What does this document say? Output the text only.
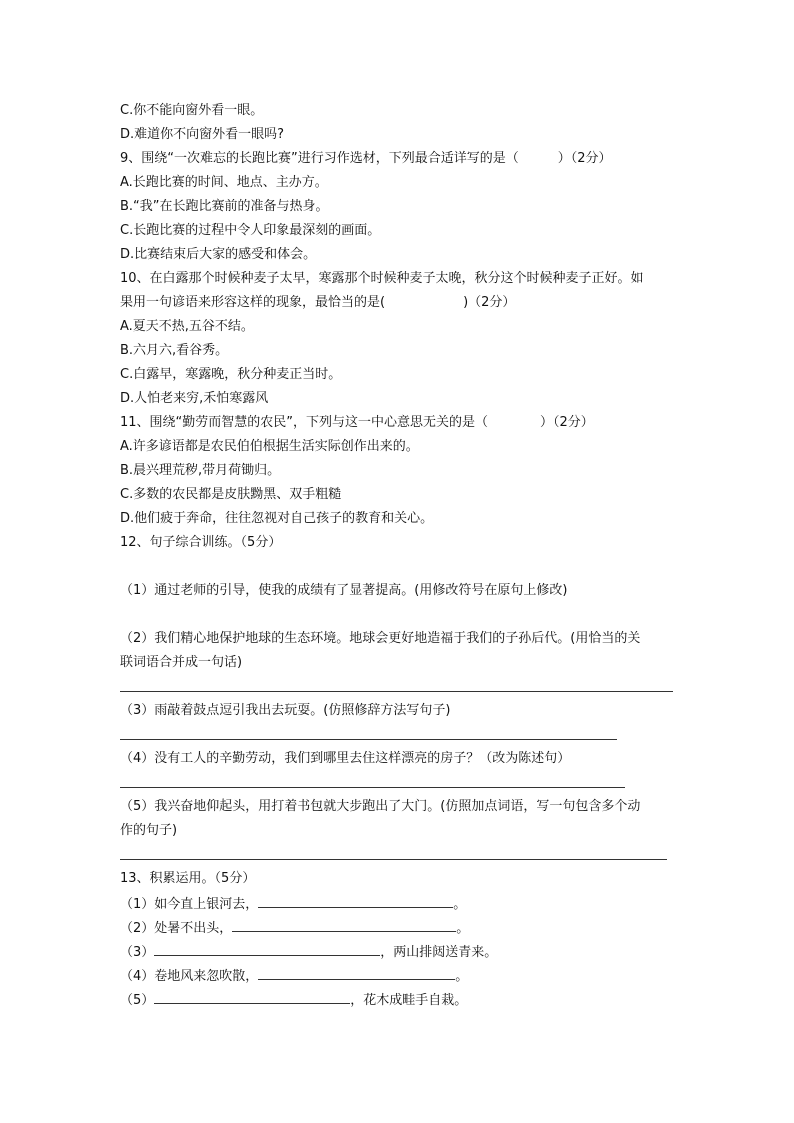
C.你不能向窗外看一眼。
D.难道你不向窗外看一眼吗?
9、围绕“一次难忘的长跑比赛”进行习作选材，下列最合适详写的是（　　　）（2分）
A.长跑比赛的时间、地点、主办方。
B.“我”在长跑比赛前的准备与热身。
C.长跑比赛的过程中令人印象最深刻的画面。
D.比赛结束后大家的感受和体会。
10、在白露那个时候种麦子太早，寒露那个时候种麦子太晚，秋分这个时候种麦子正好。如
果用一句谚语来形容这样的现象，最恰当的是(　　　　　　)（2分）
A.夏天不热,五谷不结。
B.六月六,看谷秀。
C.白露早，寒露晚，秋分种麦正当时。
D.人怕老来穷,禾怕寒露风
11、围绕“勤劳而智慧的农民”，下列与这一中心意思无关的是（　　　　）（2分）
A.许多谚语都是农民伯伯根据生活实际创作出来的。
B.晨兴理荒秽,带月荷锄归。
C.多数的农民都是皮肤黝黑、双手粗糙
D.他们疲于奔命，往往忽视对自己孩子的教育和关心。
12、句子综合训练。（5分）
（1）通过老师的引导，使我的成绩有了显著提高。(用修改符号在原句上修改)
（2）我们精心地保护地球的生态环境。地球会更好地造福于我们的子孙后代。(用恰当的关
联词语合并成一句话)
（3）雨敲着鼓点逗引我出去玩耍。(仿照修辞方法写句子)
（4）没有工人的辛勤劳动，我们到哪里去住这样漂亮的房子？（改为陈述句）
（5）我兴奋地仰起头，用打着书包就大步跑出了大门。(仿照加点词语，写一句包含多个动
作的句子)
13、积累运用。（5分）
（1）如今直上银河去，	。
（2）处暑不出头，	。
（3）	，两山排闼送青来。
（4）卷地风来忽吹散，	。
（5）	，花木成畦手自栽。
